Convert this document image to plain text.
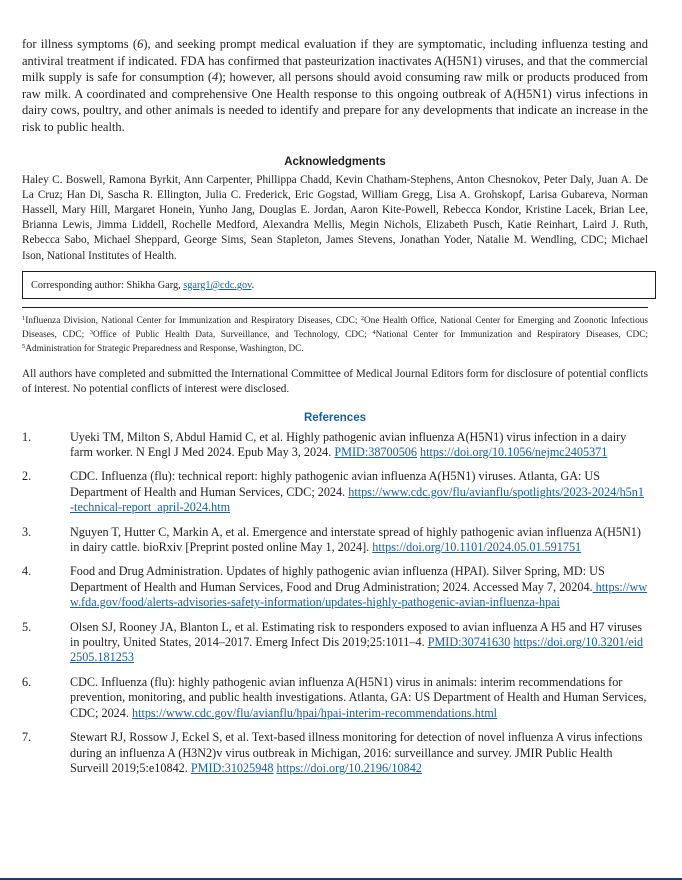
for illness symptoms (6), and seeking prompt medical evaluation if they are symptomatic, including influenza testing and antiviral treatment if indicated. FDA has confirmed that pasteurization inactivates A(H5N1) viruses, and that the commercial milk supply is safe for consumption (4); however, all persons should avoid consuming raw milk or products produced from raw milk. A coordinated and comprehensive One Health response to this ongoing outbreak of A(H5N1) virus infections in dairy cows, poultry, and other animals is needed to identify and prepare for any developments that indicate an increase in the risk to public health.

Acknowledgments

Haley C. Boswell, Ramona Byrkit, Ann Carpenter, Phillippa Chadd, Kevin Chatham-Stephens, Anton Chesnokov, Peter Daly, Juan A. De La Cruz; Han Di, Sascha R. Ellington, Julia C. Frederick, Eric Gogstad, William Gregg, Lisa A. Grohskopf, Larisa Gubareva, Norman Hassell, Mary Hill, Margaret Honein, Yunho Jang, Douglas E. Jordan, Aaron Kite-Powell, Rebecca Kondor, Kristine Lacek, Brian Lee, Brianna Lewis, Jimma Liddell, Rochelle Medford, Alexandra Mellis, Megin Nichols, Elizabeth Pusch, Katie Reinhart, Laird J. Ruth, Rebecca Sabo, Michael Sheppard, George Sims, Sean Stapleton, James Stevens, Jonathan Yoder, Natalie M. Wendling, CDC; Michael Ison, National Institutes of Health.

Corresponding author: Shikha Garg, sgarg1@cdc.gov.

$^1$Influenza Division, National Center for Immunization and Respiratory Diseases, CDC; $^2$One Health Office, National Center for Emerging and Zoonotic Infectious Diseases, CDC; $^3$Office of Public Health Data, Surveillance, and Technology, CDC; $^4$National Center for Immunization and Respiratory Diseases, CDC; $^5$Administration for Strategic Preparedness and Response, Washington, DC.

All authors have completed and submitted the International Committee of Medical Journal Editors form for disclosure of potential conflicts of interest. No potential conflicts of interest were disclosed.

References
1.	Uyeki TM, Milton S, Abdul Hamid C, et al. Highly pathogenic avian influenza A(H5N1) virus infection in a dairy farm worker. N Engl J Med 2024. Epub May 3, 2024. PMID:38700506 https://doi.org/10.1056/nejmc2405371
2.	CDC. Influenza (flu): technical report: highly pathogenic avian influenza A(H5N1) viruses. Atlanta, GA: US Department of Health and Human Services, CDC; 2024. https://www.cdc.gov/flu/avianflu/spotlights/2023-2024/h5n1-technical-report_april-2024.htm
3.	Nguyen T, Hutter C, Markin A, et al. Emergence and interstate spread of highly pathogenic avian influenza A(H5N1) in dairy cattle. bioRxiv [Preprint posted online May 1, 2024]. https://doi.org/10.1101/2024.05.01.591751
4.	Food and Drug Administration. Updates of highly pathogenic avian influenza (HPAI). Silver Spring, MD: US Department of Health and Human Services, Food and Drug Administration; 2024. Accessed May 7, 20204. https://www.fda.gov/food/alerts-advisories-safety-information/updates-highly-pathogenic-avian-influenza-hpai
5.	Olsen SJ, Rooney JA, Blanton L, et al. Estimating risk to responders exposed to avian influenza A H5 and H7 viruses in poultry, United States, 2014–2017. Emerg Infect Dis 2019;25:1011–4. PMID:30741630 https://doi.org/10.3201/eid2505.181253
6.	CDC. Influenza (flu): highly pathogenic avian influenza A(H5N1) virus in animals: interim recommendations for prevention, monitoring, and public health investigations. Atlanta, GA: US Department of Health and Human Services, CDC; 2024. https://www.cdc.gov/flu/avianflu/hpai/hpai-interim-recommendations.html
7.	Stewart RJ, Rossow J, Eckel S, et al. Text-based illness monitoring for detection of novel influenza A virus infections during an influenza A (H3N2)v virus outbreak in Michigan, 2016: surveillance and survey. JMIR Public Health Surveill 2019;5:e10842. PMID:31025948 https://doi.org/10.2196/10842
